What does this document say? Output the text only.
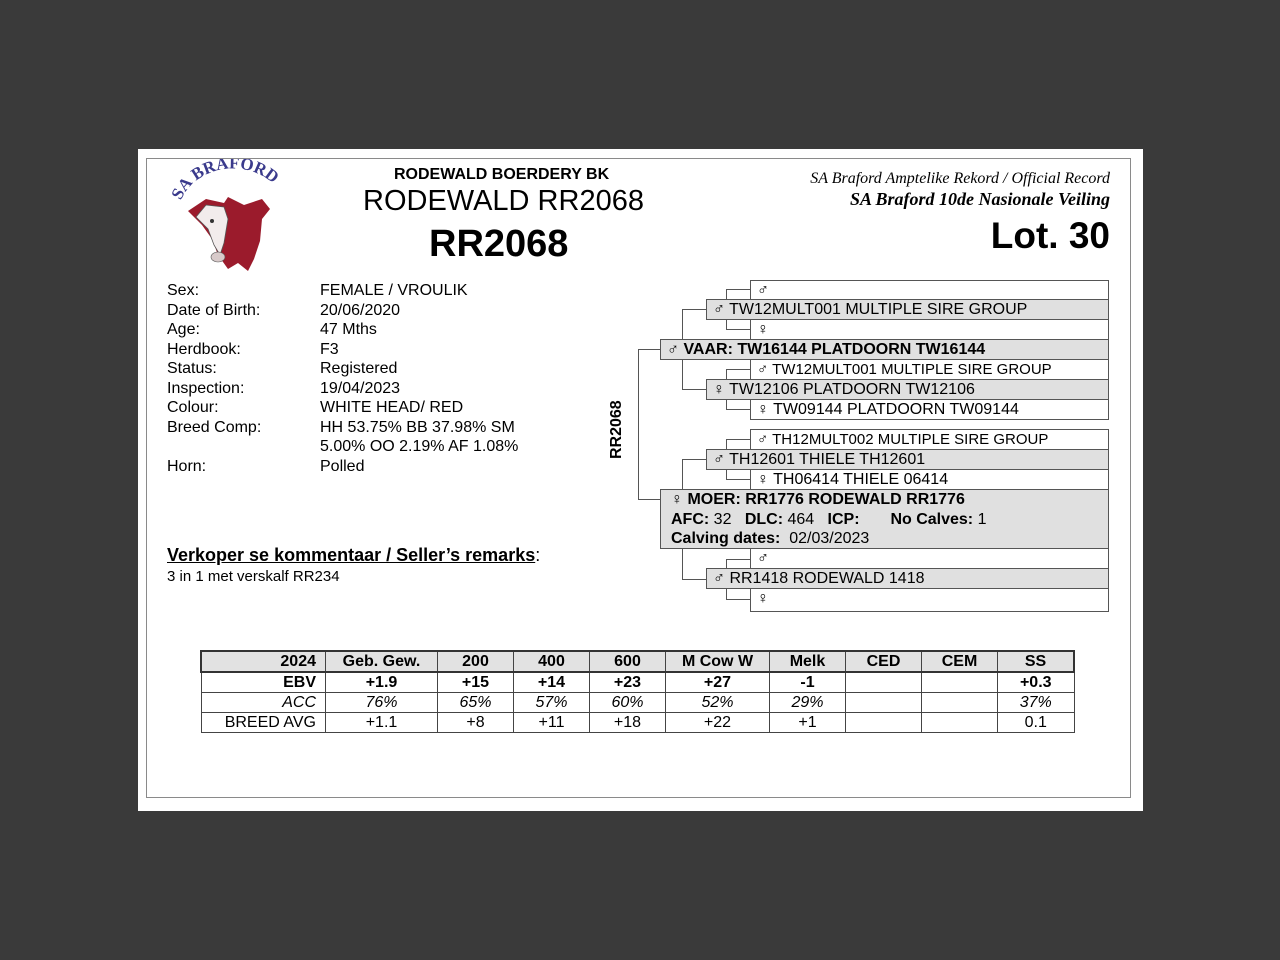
SA BRAFORD	RODEWALD BOERDERY BK
RODEWALD RR2068
RR2068
SA Braford Amptelike Rekord / Official Record
SA Braford 10de Nasionale Veiling
Lot. 30
Sex:	FEMALE / VROULIK
Date of Birth:	20/06/2020
Age:	47 Mths
Herdbook:	F3
Status:	Registered
Inspection:	19/04/2023
Colour:	WHITE HEAD/ RED
Breed Comp:	HH 53.75% BB 37.98% SM 5.00% OO 2.19% AF 1.08%
Horn:	Polled
Verkoper se kommentaar / Seller’s remarks:
3 in 1 met verskalf RR234
RR2068
♂
♂ TW12MULT001 MULTIPLE SIRE GROUP
♀
♂ VAAR: TW16144 PLATDOORN TW16144
♂ TW12MULT001 MULTIPLE SIRE GROUP
♀ TW12106 PLATDOORN TW12106
♀ TW09144 PLATDOORN TW09144
♂ TH12MULT002 MULTIPLE SIRE GROUP
♂ TH12601 THIELE TH12601
♀ TH06414 THIELE 06414
♀ MOER: RR1776 RODEWALD RR1776
AFC: 32 DLC: 464 ICP: No Calves: 1
Calving dates: 02/03/2023
♂
♂ RR1418 RODEWALD 1418
♀
2024	Geb. Gew.	200	400	600	M Cow W	Melk	CED	CEM	SS
EBV	+1.9	+15	+14	+23	+27	-1			+0.3
ACC	76%	65%	57%	60%	52%	29%			37%
BREED AVG	+1.1	+8	+11	+18	+22	+1			0.1
